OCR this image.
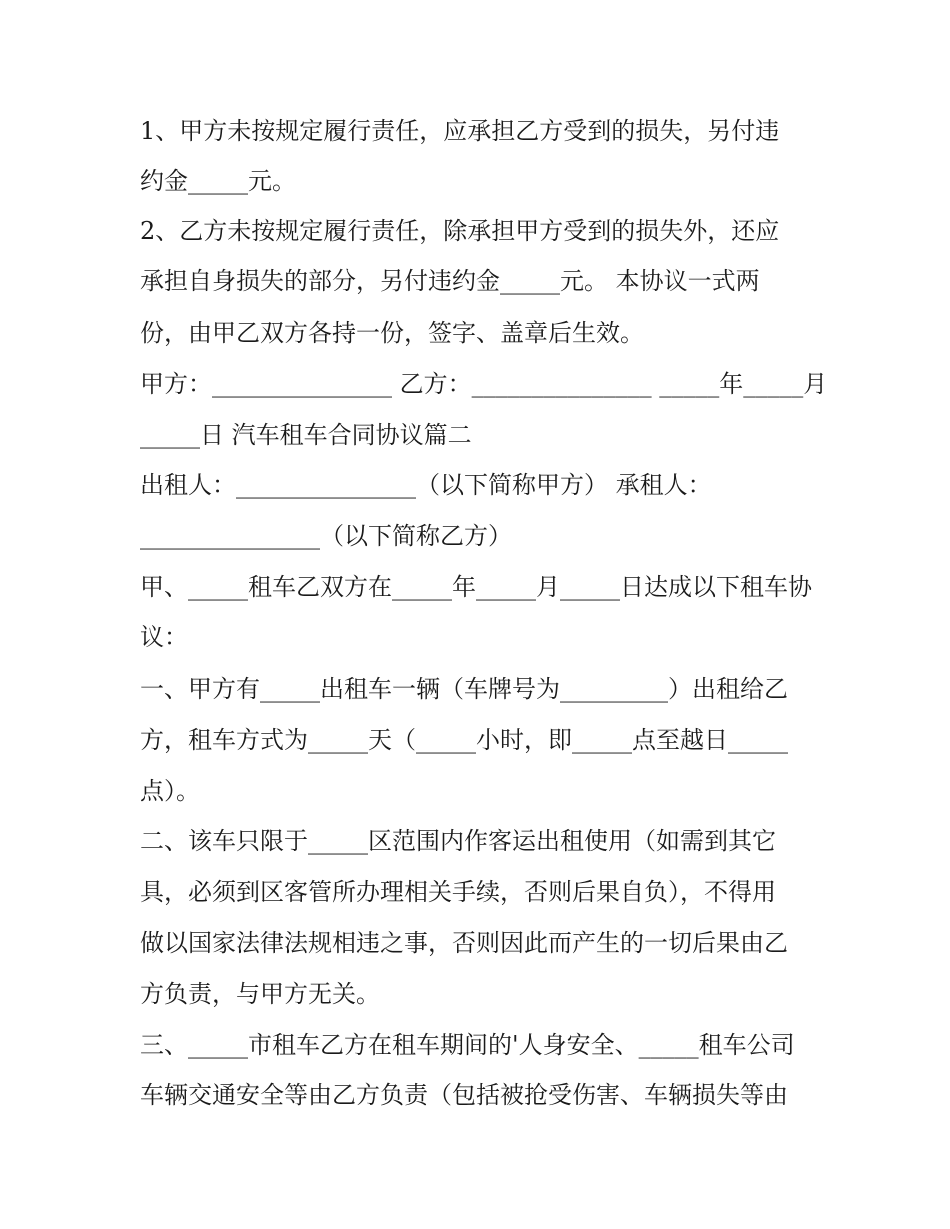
1、甲方未按规定履行责任，应承担乙方受到的损失，另付违
约金_____元。
2、乙方未按规定履行责任，除承担甲方受到的损失外，还应
承担自身损失的部分，另付违约金_____元。 本协议一式两
份，由甲乙双方各持一份，签字、盖章后生效。
甲方：_______________ 乙方：_______________ _____年_____月
_____日 汽车租车合同协议篇二
出租人：_______________（以下简称甲方） 承租人：
_______________（以下简称乙方）
甲、_____租车乙双方在_____年_____月_____日达成以下租车协
议：
一、甲方有_____出租车一辆（车牌号为_________）出租给乙
方，租车方式为_____天（_____小时，即_____点至越日_____
点）。
二、该车只限于_____区范围内作客运出租使用（如需到其它
具，必须到区客管所办理相关手续，否则后果自负），不得用
做以国家法律法规相违之事，否则因此而产生的一切后果由乙
方负责，与甲方无关。
三、_____市租车乙方在租车期间的'人身安全、_____租车公司
车辆交通安全等由乙方负责（包括被抢受伤害、车辆损失等由
